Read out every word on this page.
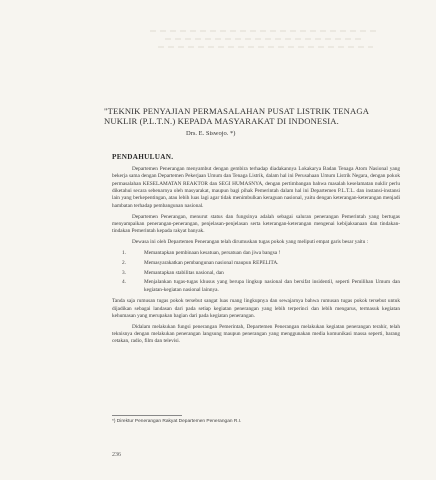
"TEKNIK PENYAJIAN PERMASALAHAN PUSAT LISTRIK TENAGA NUKLIR (P.L.T.N.) KEPADA MASYARAKAT DI INDONESIA.
Drs. E. Siswojo. *)
PENDAHULUAN.

Departemen Penerangan menyambut dengan gembira terhadap diadakannya Lokakarya Badan Tenaga Atom Nasional yang bekerja sama dengan Departemen Pekerjaan Umum dan Tenaga Listrik, dalam hal ini Perusahaan Umum Listrik Negara, dengan pokok permasalahan KESELAMATAN REAKTOR dan SEGI HUMASNYA, dengan pertimbangan bahwa masalah keselamatan nuklir perlu diketahui secara sebenarnya oleh masyarakat, maupun bagi pihak Pemerintah dalam hal ini Departemen P.L.T.L. dan instansi-instansi lain yang berkepentingan, atau lebih luas lagi agar tidak menimbulkan keraguan nasional, yaitu dengan keterangan-keterangan menjadi hambatan terhadap pembangunan nasional.

Departemen Penerangan, menurut status dan fungsinya adalah sebagai saluran penerangan Pemerintah yang bertugas menyampaikan penerangan-penerangan, penjelasan-penjelasan serta keterangan-keterangan mengenai kebijaksanaan dan tindakan-tindakan Pemerintah kepada rakyat banyak.

Dewasa ini oleh Departemen Penerangan telah dirumuskan tugas pokok yang meliputi empat garis besar yaitu :

1.	Memantapkan pembinaan kesatuan, persatuan dan jiwa bangsa !
2.	Memasyarakatkan pembangunan nasional maupun REPELITA.
3.	Memantapkan stabilitas nasional, dan
4.	Menjalankan tugas-tugas khusus yang berupa lingkup nasional dan bersifat insidentil, seperti Pemilihan Umum dan kegiatan-kegiatan nasional lainnya.

Tanda saja rumusan tugas pokok tersebut sangat luas ruang lingkupnya dan sewajarnya bahwa rumusan tugas pokok tersebut untuk dijadikan sebagai landasan dari pada setiap kegiatan penerangan yang lebih terperinci dan lebih mengarus, termasuk kegiatan kehumasan yang merupakan bagian dari pada kegiatan penerangan.

Didalam melakukan fungsi penerangan Pemerintah, Departemen Penerangan melakukan kegiatan penerangan terahir, telah teknisnya dengan melakukan penerangan langsung maupun penerangan yang menggunakan media komunikasi massa seperti, barang cetakan, radio, film dan televisi.

*) Direktur Penerangan Rakyat Departemen Penerangan R.I.
236
